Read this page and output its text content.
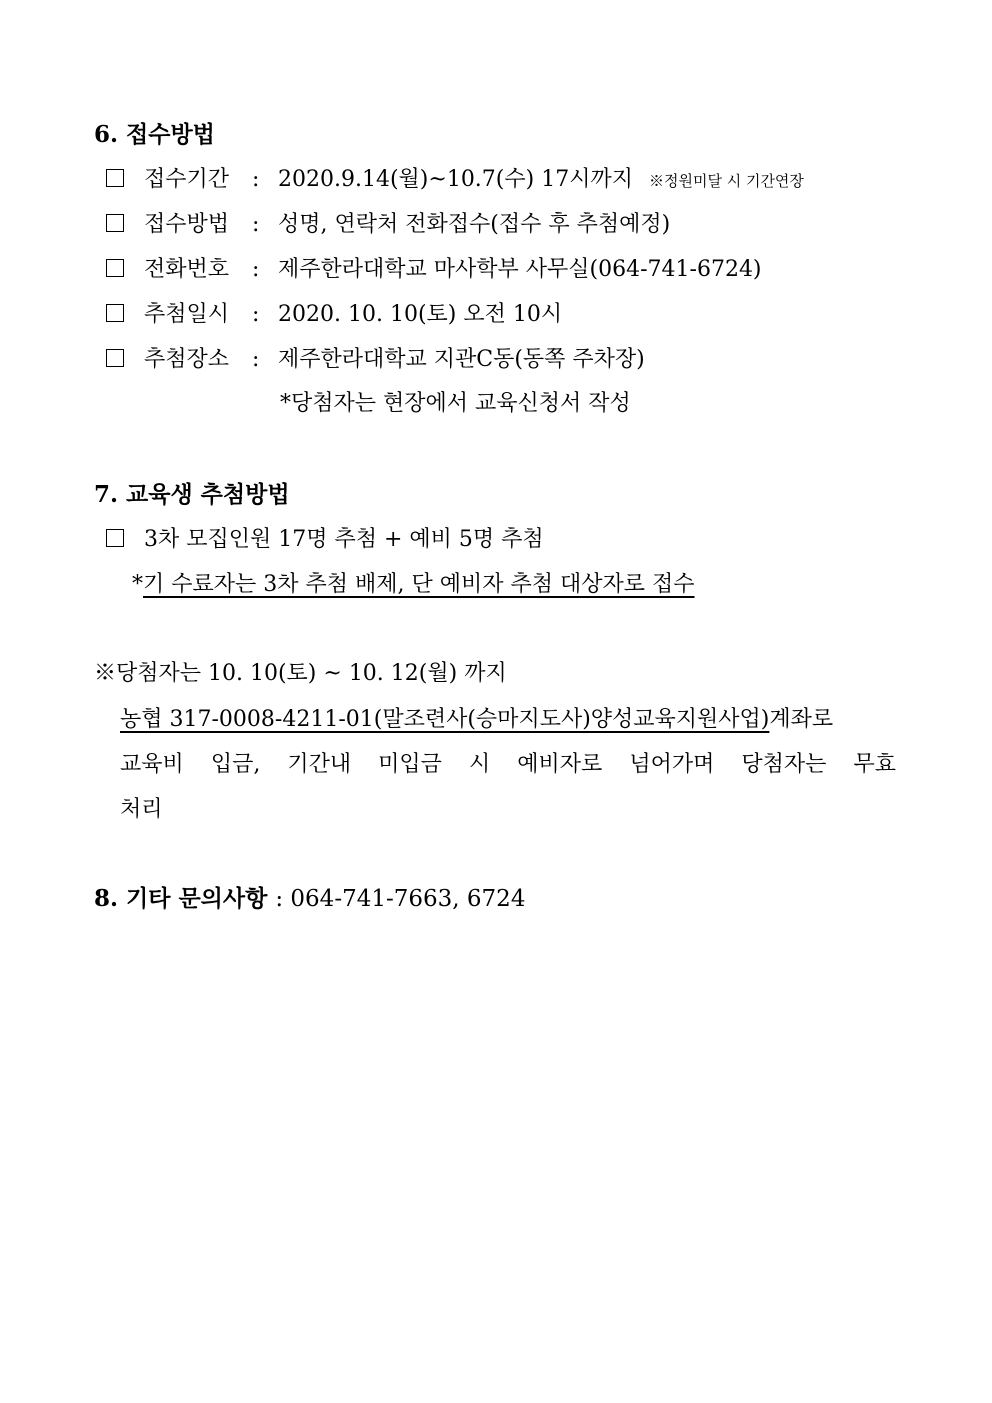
6. 접수방법
접수기간	: 2020.9.14(월)~10.7(수) 17시까지 ※정원미달 시 기간연장
접수방법	: 성명, 연락처 전화접수(접수 후 추첨예정)
전화번호	: 제주한라대학교 마사학부 사무실(064-741-6724)
추첨일시	: 2020. 10. 10(토) 오전 10시
추첨장소	: 제주한라대학교 지관C동(동쪽 주차장)
*당첨자는 현장에서 교육신청서 작성
7. 교육생 추첨방법
3차 모집인원 17명 추첨 + 예비 5명 추첨
*기 수료자는 3차 추첨 배제, 단 예비자 추첨 대상자로 접수
※당첨자는 10. 10(토) ~ 10. 12(월) 까지
농협 317-0008-4211-01(말조련사(승마지도사)양성교육지원사업)계좌로
교육비 입금, 기간내 미입금 시 예비자로 넘어가며 당첨자는 무효
처리
8. 기타 문의사항 : 064-741-7663, 6724
